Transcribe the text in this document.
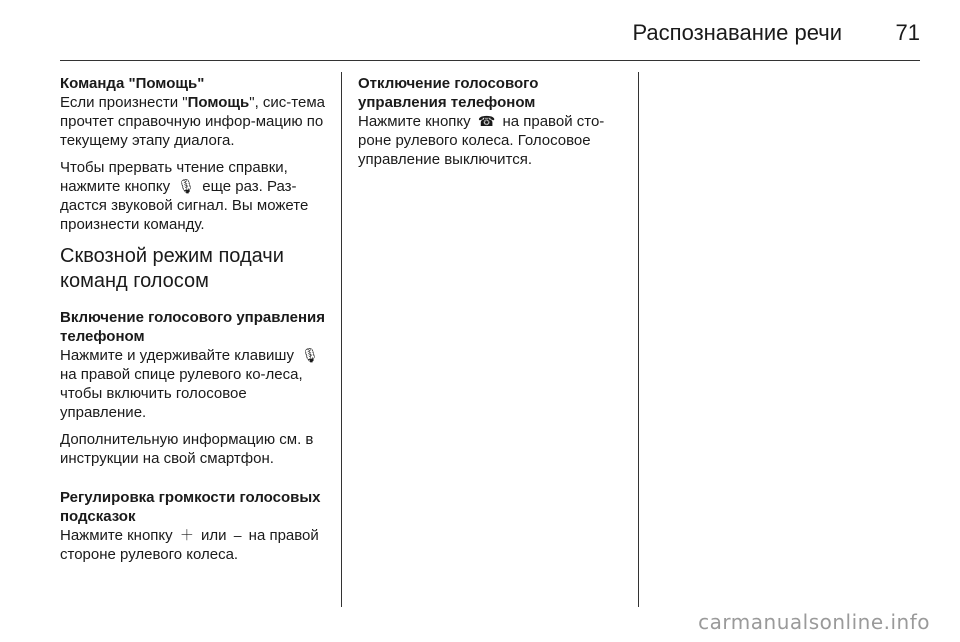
Распознавание речи 71

Команда "Помощь"

Если произнести "Помощь", сис-тема прочтет справочную инфор-мацию по текущему этапу диалога.

Чтобы прервать чтение справки, нажмите кнопку 🎙 еще раз. Раз-дастся звуковой сигнал. Вы можете произнести команду.

Сквозной режим подачи команд голосом

Включение голосового управления телефоном

Нажмите и удерживайте клавишу 🎙 на правой спице рулевого ко-леса, чтобы включить голосовое управление.

Дополнительную информацию см. в инструкции на свой смартфон.

Регулировка громкости голосовых подсказок

Нажмите кнопку ＋ или – на правой стороне рулевого колеса.

Отключение голосового управления телефоном

Нажмите кнопку ☎ на правой сто-роне рулевого колеса. Голосовое управление выключится.

carmanualsonline.info
